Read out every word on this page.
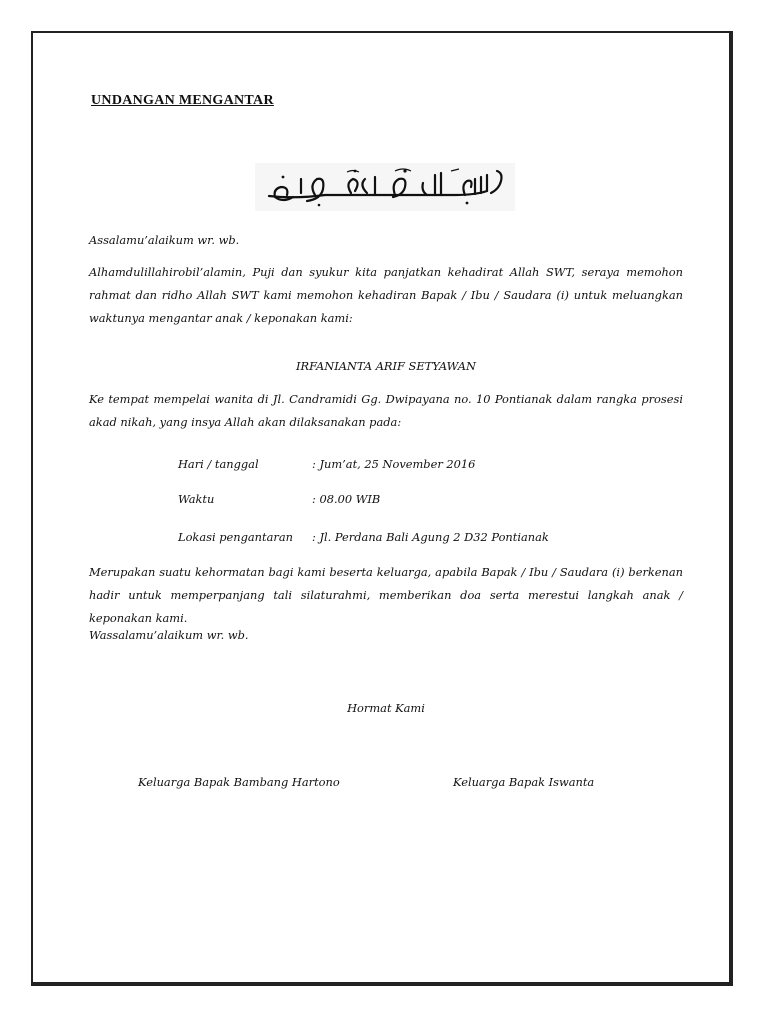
UNDANGAN MENGANTAR
Assalamu’alaikum wr. wb.
Alhamdulillahirobil’alamin, Puji dan syukur kita panjatkan kehadirat Allah SWT, seraya memohon rahmat dan ridho Allah SWT kami memohon kehadiran Bapak / Ibu / Saudara (i) untuk meluangkan waktunya mengantar anak / keponakan kami:
IRFANIANTA ARIF SETYAWAN
Ke tempat mempelai wanita di Jl. Candramidi Gg. Dwipayana no. 10 Pontianak dalam rangka prosesi akad nikah, yang insya Allah akan dilaksanakan pada:
Hari / tanggal	: Jum’at, 25 November 2016
Waktu	: 08.00 WIB
Lokasi pengantaran : Jl. Perdana Bali Agung 2 D32 Pontianak
Merupakan suatu kehormatan bagi kami beserta keluarga, apabila Bapak / Ibu / Saudara (i) berkenan hadir untuk memperpanjang tali silaturahmi, memberikan doa serta merestui langkah anak / keponakan kami.
Wassalamu’alaikum wr. wb.
Hormat Kami
Keluarga Bapak Bambang Hartono	Keluarga Bapak Iswanta
